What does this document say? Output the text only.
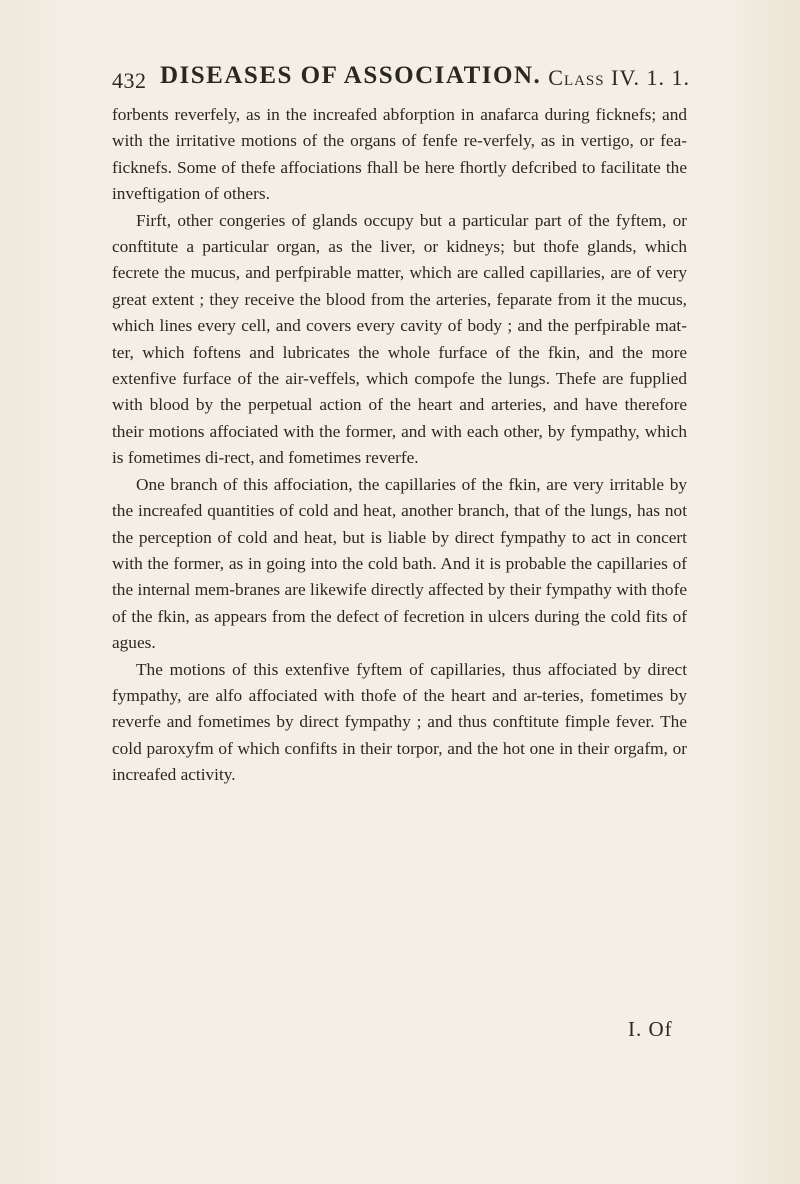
432 DISEASES OF ASSOCIATION. Class IV. 1. 1.

forbents reverfely, as in the increafed abforption in anafarca during ficknefs; and with the irritative motions of the organs of fenfe re-verfely, as in vertigo, or fea-ficknefs. Some of thefe affociations fhall be here fhortly defcribed to facilitate the inveftigation of others.

Firft, other congeries of glands occupy but a particular part of the fyftem, or conftitute a particular organ, as the liver, or kidneys; but thofe glands, which fecrete the mucus, and perfpirable matter, which are called capillaries, are of very great extent ; they receive the blood from the arteries, feparate from it the mucus, which lines every cell, and covers every cavity of body ; and the perfpirable mat-ter, which foftens and lubricates the whole furface of the fkin, and the more extenfive furface of the air-veffels, which compofe the lungs. Thefe are fupplied with blood by the perpetual action of the heart and arteries, and have therefore their motions affociated with the former, and with each other, by fympathy, which is fometimes di-rect, and fometimes reverfe.

One branch of this affociation, the capillaries of the fkin, are very irritable by the increafed quantities of cold and heat, another branch, that of the lungs, has not the perception of cold and heat, but is liable by direct fympathy to act in concert with the former, as in going into the cold bath. And it is probable the capillaries of the internal mem-branes are likewife directly affected by their fympathy with thofe of the fkin, as appears from the defect of fecretion in ulcers during the cold fits of agues.

The motions of this extenfive fyftem of capillaries, thus affociated by direct fympathy, are alfo affociated with thofe of the heart and ar-teries, fometimes by reverfe and fometimes by direct fympathy ; and thus conftitute fimple fever. The cold paroxyfm of which confifts in their torpor, and the hot one in their orgafm, or increafed activity.

I. Of
